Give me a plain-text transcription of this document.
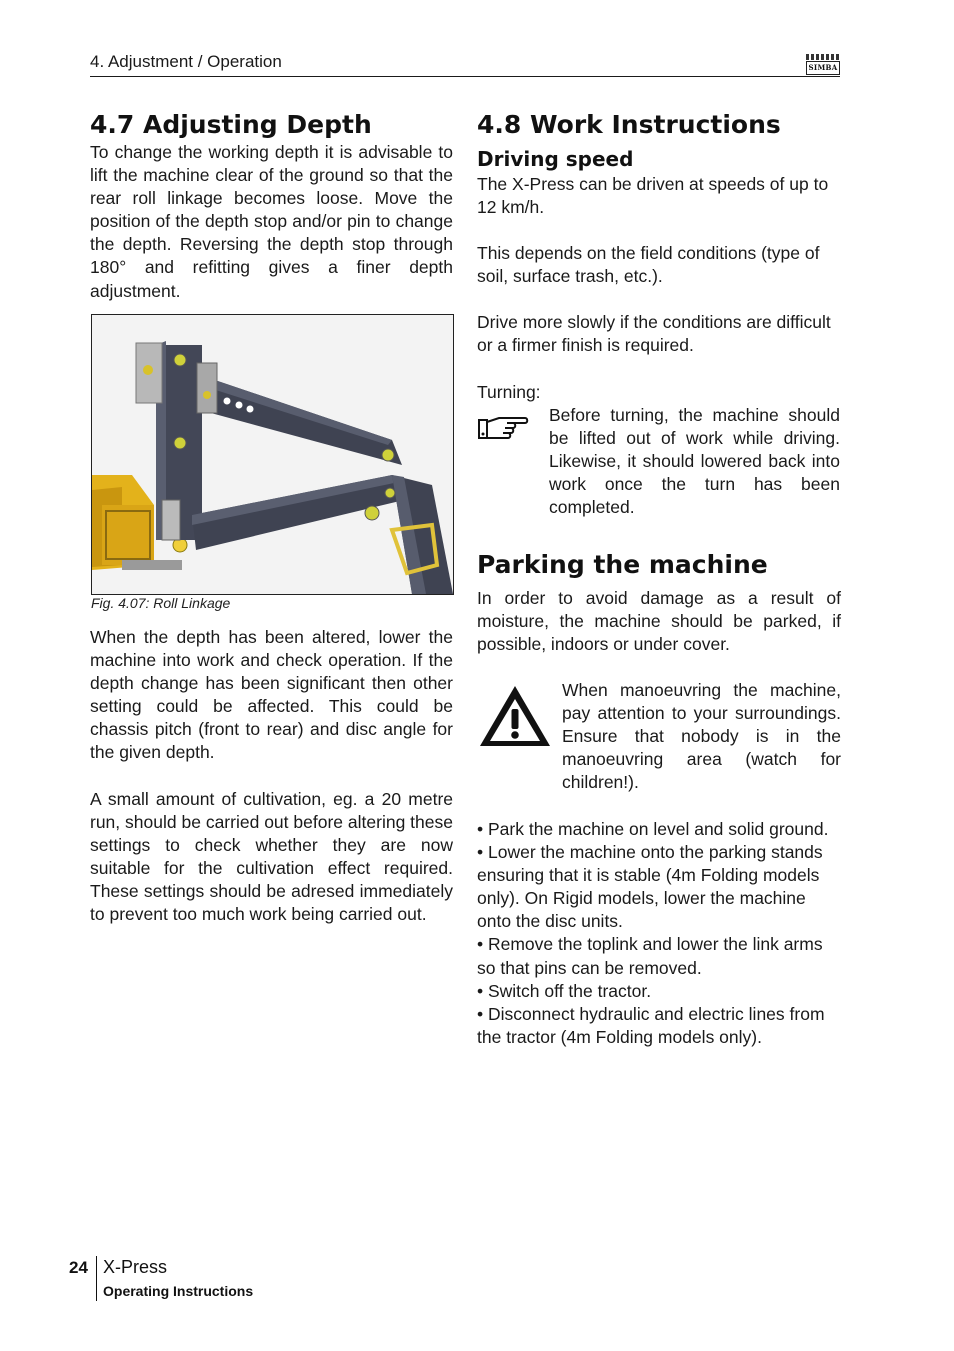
4. Adjustment / Operation	SIMBA
4.7 Adjusting Depth
To change the working depth it is advisable to lift the machine clear of the ground so that the rear roll linkage becomes loose. Move the position of the depth stop and/or pin to change the depth. Reversing the depth stop through 180° and refitting gives a finer depth adjustment.
Fig. 4.07: Roll Linkage
When the depth has been altered, lower the machine into work and check operation. If the depth change has been significant then other setting could be affected. This could be chassis pitch (front to rear) and disc angle for the given depth.
A small amount of cultivation, eg. a 20 metre run, should be carried out before altering these settings to check whether they are now suitable for the cultivation effect required. These settings should be adresed immediately to prevent too much work being carried out.
4.8 Work Instructions
Driving speed
The X-Press can be driven at speeds of up to 12 km/h.
This depends on the field conditions (type of soil, surface trash, etc.).
Drive more slowly if the conditions are difficult or a firmer finish is required.
Turning:
Before turning, the machine should be lifted out of work while driving. Likewise, it should lowered back into work once the turn has been completed.
Parking the machine
In order to avoid damage as a result of moisture, the machine should be parked, if possible, indoors or under cover.
When manoeuvring the machine, pay attention to your surroundings. Ensure that nobody is in the manoeuvring area (watch for children!).
• Park the machine on level and solid ground.
• Lower the machine onto the parking stands ensuring that it is stable (4m Folding models only). On Rigid models, lower the machine onto the disc units.
• Remove the toplink and lower the link arms so that pins can be removed.
• Switch off the tractor.
• Disconnect hydraulic and electric lines from the tractor (4m Folding models only).
24 X-Press
Operating Instructions
